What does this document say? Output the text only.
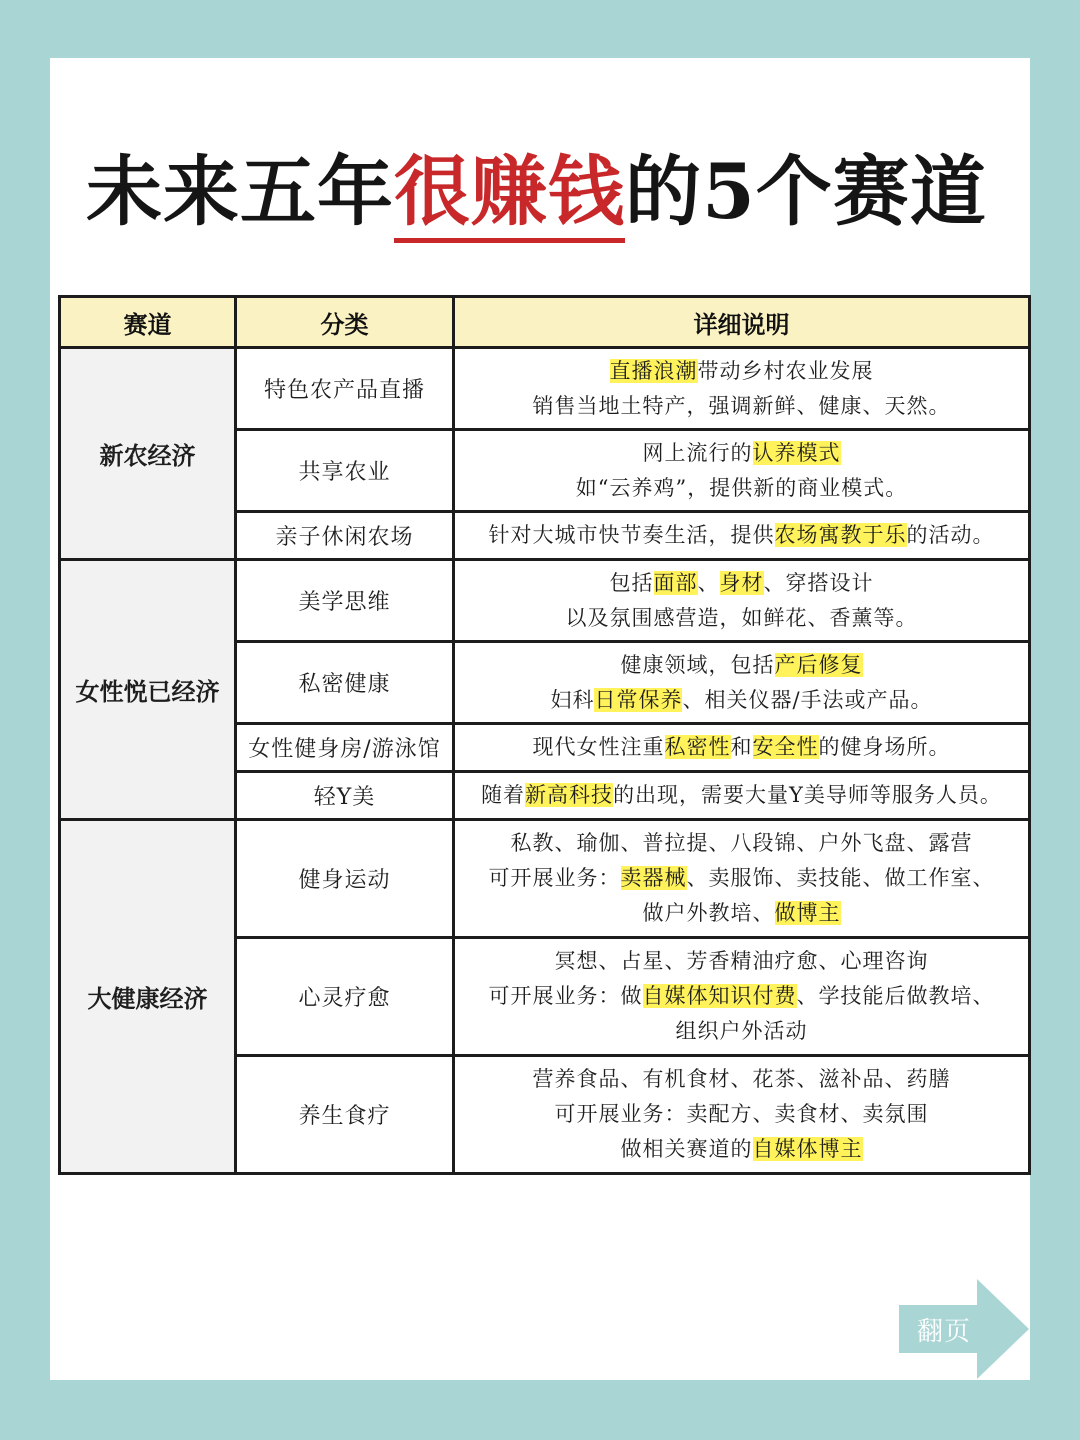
未来五年很赚钱的5个赛道
赛道	分类	详细说明
新农经济	特色农产品直播	直播浪潮带动乡村农业发展
销售当地土特产，强调新鲜、健康、天然。

	共享农业	网上流行的认养模式
如“云养鸡”，提供新的商业模式。

	亲子休闲农场	针对大城市快节奏生活，提供农场寓教于乐的活动。

女性悦已经济	美学思维	包括面部、身材、穿搭设计
以及氛围感营造，如鲜花、香薰等。

	私密健康	健康领域，包括产后修复
妇科日常保养、相关仪器/手法或产品。

	女性健身房/游泳馆	现代女性注重私密性和安全性的健身场所。

	轻Y美	随着新高科技的出现，需要大量Y美导师等服务人员。

大健康经济	健身运动	私教、瑜伽、普拉提、八段锦、户外飞盘、露营
可开展业务：卖器械、卖服饰、卖技能、做工作室、
做户外教培、做博主

	心灵疗愈	冥想、占星、芳香精油疗愈、心理咨询
可开展业务：做自媒体知识付费、学技能后做教培、
组织户外活动

	养生食疗	营养食品、有机食材、花茶、滋补品、药膳
可开展业务：卖配方、卖食材、卖氛围
做相关赛道的自媒体博主
翻页
